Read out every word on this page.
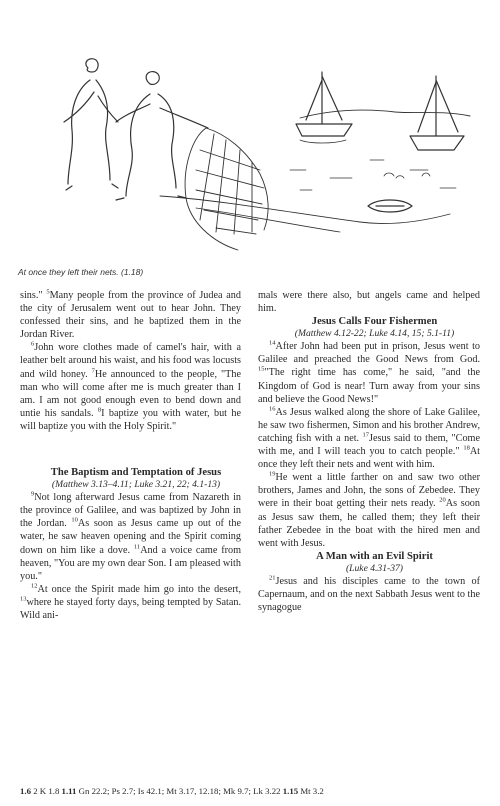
At once they left their nets. (1.18)

sins." $^5$Many people from the province of Judea and the city of Jerusalem went out to hear John. They confessed their sins, and he baptized them in the Jordan River.

$^6$John wore clothes made of camel's hair, with a leather belt around his waist, and his food was locusts and wild honey. $^7$He announced to the people, "The man who will come after me is much greater than I am. I am not good enough even to bend down and untie his sandals. $^8$I baptize you with water, but he will baptize you with the Holy Spirit."

The Baptism and Temptation of Jesus

(Matthew 3.13–4.11; Luke 3.21, 22; 4.1-13)

$^9$Not long afterward Jesus came from Nazareth in the province of Galilee, and was baptized by John in the Jordan. $^{10}$As soon as Jesus came up out of the water, he saw heaven opening and the Spirit coming down on him like a dove. $^{11}$And a voice came from heaven, "You are my own dear Son. I am pleased with you."

$^{12}$At once the Spirit made him go into the desert, $^{13}$where he stayed forty days, being tempted by Satan. Wild ani-

mals were there also, but angels came and helped him.

Jesus Calls Four Fishermen

(Matthew 4.12-22; Luke 4.14, 15; 5.1-11)

$^{14}$After John had been put in prison, Jesus went to Galilee and preached the Good News from God. $^{15}$"The right time has come," he said, "and the Kingdom of God is near! Turn away from your sins and believe the Good News!"

$^{16}$As Jesus walked along the shore of Lake Galilee, he saw two fishermen, Simon and his brother Andrew, catching fish with a net. $^{17}$Jesus said to them, "Come with me, and I will teach you to catch people." $^{18}$At once they left their nets and went with him.

$^{19}$He went a little farther on and saw two other brothers, James and John, the sons of Zebedee. They were in their boat getting their nets ready. $^{20}$As soon as Jesus saw them, he called them; they left their father Zebedee in the boat with the hired men and went with Jesus.

A Man with an Evil Spirit

(Luke 4.31-37)

$^{21}$Jesus and his disciples came to the town of Capernaum, and on the next Sabbath Jesus went to the synagogue

1.6 2 K 1.8 1.11 Gn 22.2; Ps 2.7; Is 42.1; Mt 3.17, 12.18; Mk 9.7; Lk 3.22 1.15 Mt 3.2
